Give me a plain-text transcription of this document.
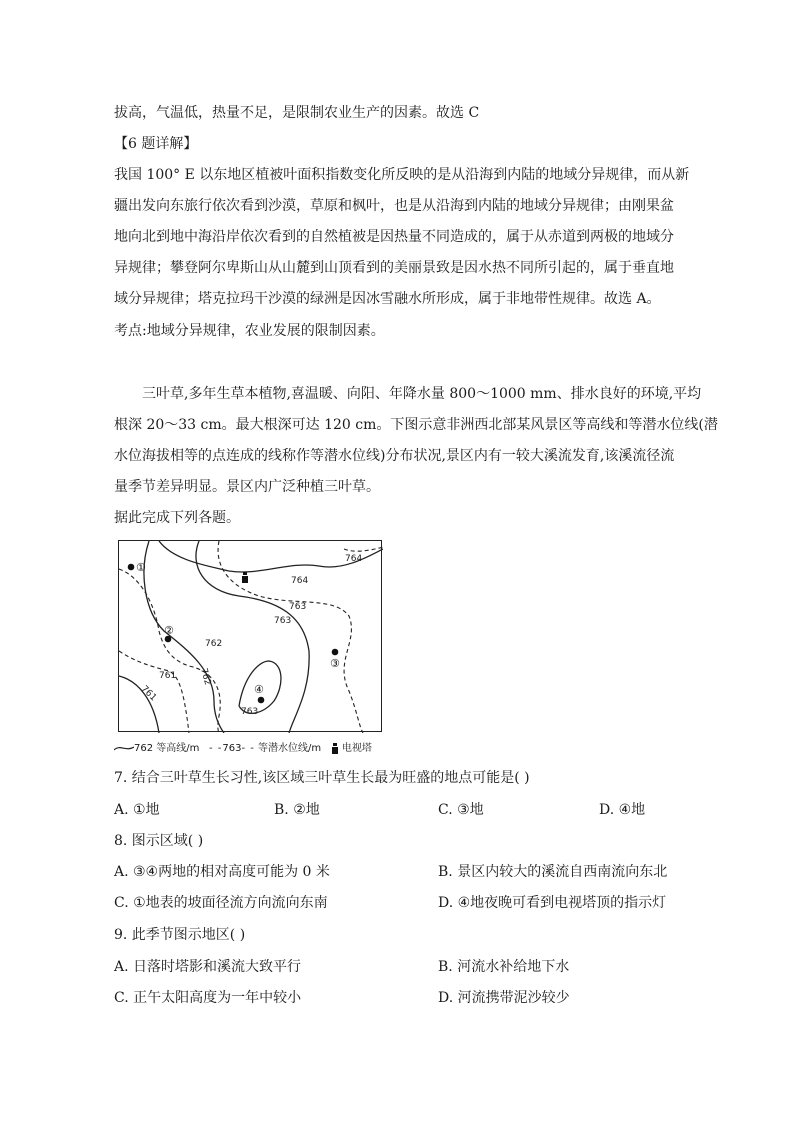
拔高，气温低，热量不足，是限制农业生产的因素。故选 C
【6 题详解】
我国 100° E 以东地区植被叶面积指数变化所反映的是从沿海到内陆的地域分异规律，而从新
疆出发向东旅行依次看到沙漠，草原和枫叶，也是从沿海到内陆的地域分异规律；由刚果盆
地向北到地中海沿岸依次看到的自然植被是因热量不同造成的，属于从赤道到两极的地域分
异规律；攀登阿尔卑斯山从山麓到山顶看到的美丽景致是因水热不同所引起的，属于垂直地
域分异规律；塔克拉玛干沙漠的绿洲是因冰雪融水所形成，属于非地带性规律。故选 A。
考点:地域分异规律，农业发展的限制因素。
三叶草,多年生草本植物,喜温暖、向阳、年降水量 800～1000 mm、排水良好的环境,平均
根深 20～33 cm。最大根深可达 120 cm。下图示意非洲西北部某风景区等高线和等潜水位线(潜
水位海拔相等的点连成的线称作等潜水位线)分布状况,景区内有一较大溪流发育,该溪流径流
量季节差异明显。景区内广泛种植三叶草。
据此完成下列各题。
764
764
763
763
762
762
761
761
763
①
②
③
④
762 等高线/m - -763- - 等潜水位线/m 电视塔
7. 结合三叶草生长习性,该区域三叶草生长最为旺盛的地点可能是( )
A. ①地	B. ②地	C. ③地	D. ④地
8. 图示区域( )
A. ③④两地的相对高度可能为 0 米	B. 景区内较大的溪流自西南流向东北
C. ①地表的坡面径流方向流向东南	D. ④地夜晚可看到电视塔顶的指示灯
9. 此季节图示地区( )
A. 日落时塔影和溪流大致平行	B. 河流水补给地下水
C. 正午太阳高度为一年中较小	D. 河流携带泥沙较少
